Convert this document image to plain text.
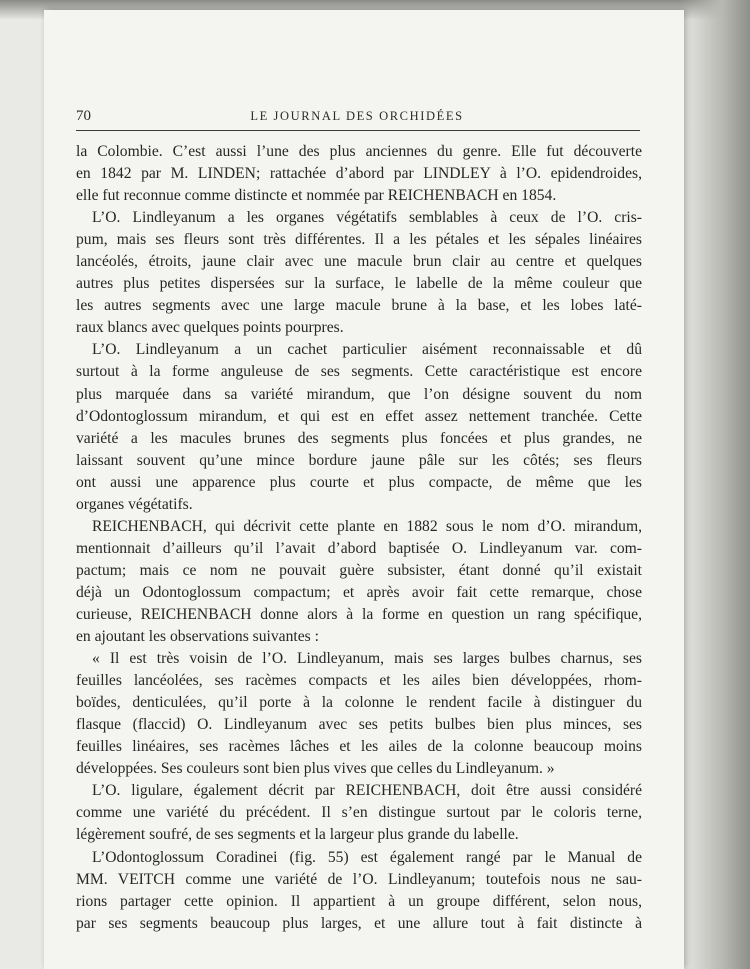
70	LE JOURNAL DES ORCHIDÉES
la Colombie. C’est aussi l’une des plus anciennes du genre. Elle fut découverte
en 1842 par M. LINDEN; rattachée d’abord par LINDLEY à l’O. epidendroides,
elle fut reconnue comme distincte et nommée par REICHENBACH en 1854.
L’O. Lindleyanum a les organes végétatifs semblables à ceux de l’O. cris-
pum, mais ses fleurs sont très différentes. Il a les pétales et les sépales linéaires
lancéolés, étroits, jaune clair avec une macule brun clair au centre et quelques
autres plus petites dispersées sur la surface, le labelle de la même couleur que
les autres segments avec une large macule brune à la base, et les lobes laté-
raux blancs avec quelques points pourpres.
L’O. Lindleyanum a un cachet particulier aisément reconnaissable et dû
surtout à la forme anguleuse de ses segments. Cette caractéristique est encore
plus marquée dans sa variété mirandum, que l’on désigne souvent du nom
d’Odontoglossum mirandum, et qui est en effet assez nettement tranchée. Cette
variété a les macules brunes des segments plus foncées et plus grandes, ne
laissant souvent qu’une mince bordure jaune pâle sur les côtés; ses fleurs
ont aussi une apparence plus courte et plus compacte, de même que les
organes végétatifs.
REICHENBACH, qui décrivit cette plante en 1882 sous le nom d’O. mirandum,
mentionnait d’ailleurs qu’il l’avait d’abord baptisée O. Lindleyanum var. com-
pactum; mais ce nom ne pouvait guère subsister, étant donné qu’il existait
déjà un Odontoglossum compactum; et après avoir fait cette remarque, chose
curieuse, REICHENBACH donne alors à la forme en question un rang spécifique,
en ajoutant les observations suivantes :
« Il est très voisin de l’O. Lindleyanum, mais ses larges bulbes charnus, ses
feuilles lancéolées, ses racèmes compacts et les ailes bien développées, rhom-
boïdes, denticulées, qu’il porte à la colonne le rendent facile à distinguer du
flasque (flaccid) O. Lindleyanum avec ses petits bulbes bien plus minces, ses
feuilles linéaires, ses racèmes lâches et les ailes de la colonne beaucoup moins
développées. Ses couleurs sont bien plus vives que celles du Lindleyanum. »
L’O. ligulare, également décrit par REICHENBACH, doit être aussi considéré
comme une variété du précédent. Il s’en distingue surtout par le coloris terne,
légèrement soufré, de ses segments et la largeur plus grande du labelle.
L’Odontoglossum Coradinei (fig. 55) est également rangé par le Manual de
MM. VEITCH comme une variété de l’O. Lindleyanum; toutefois nous ne sau-
rions partager cette opinion. Il appartient à un groupe différent, selon nous,
par ses segments beaucoup plus larges, et une allure tout à fait distincte à
